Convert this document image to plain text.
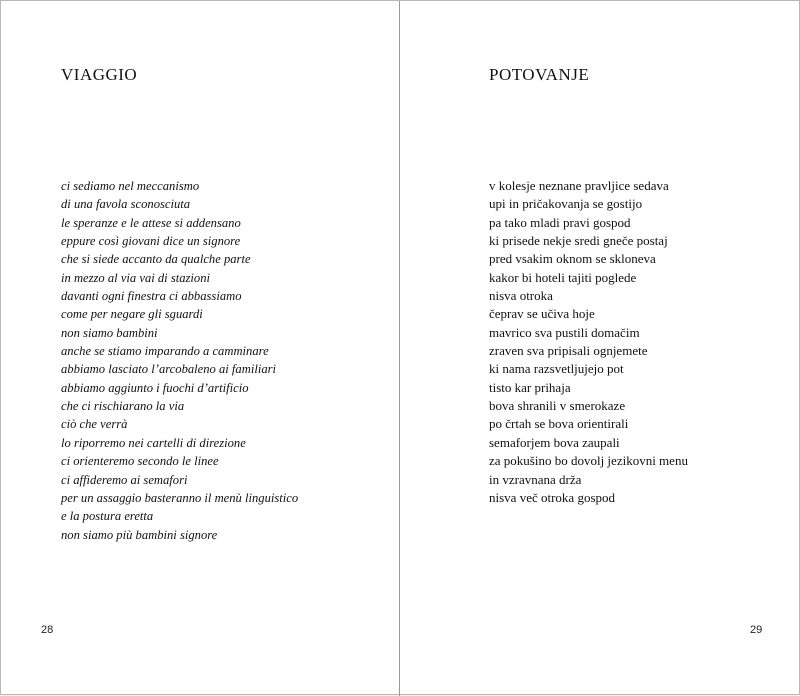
VIAGGIO
ci sediamo nel meccanismo
di una favola sconosciuta
le speranze e le attese si addensano
eppure così giovani dice un signore
che si siede accanto da qualche parte
in mezzo al via vai di stazioni
davanti ogni finestra ci abbassiamo
come per negare gli sguardi
non siamo bambini
anche se stiamo imparando a camminare
abbiamo lasciato l’arcobaleno ai familiari
abbiamo aggiunto i fuochi d’artificio
che ci rischiarano la via
ciò che verrà
lo riporremo nei cartelli di direzione
ci orienteremo secondo le linee
ci affideremo ai semafori
per un assaggio basteranno il menù linguistico
e la postura eretta
non siamo più bambini signore
28
POTOVANJE
v kolesje neznane pravljice sedava
upi in pričakovanja se gostijo
pa tako mladi pravi gospod
ki prisede nekje sredi gneče postaj
pred vsakim oknom se skloneva
kakor bi hoteli tajiti poglede
nisva otroka
čeprav se učiva hoje
mavrico sva pustili domačim
zraven sva pripisali ognjemete
ki nama razsvetljujejo pot
tisto kar prihaja
bova shranili v smerokaze
po črtah se bova orientirali
semaforjem bova zaupali
za pokušino bo dovolj jezikovni menu
in vzravnana drža
nisva več otroka gospod
29
